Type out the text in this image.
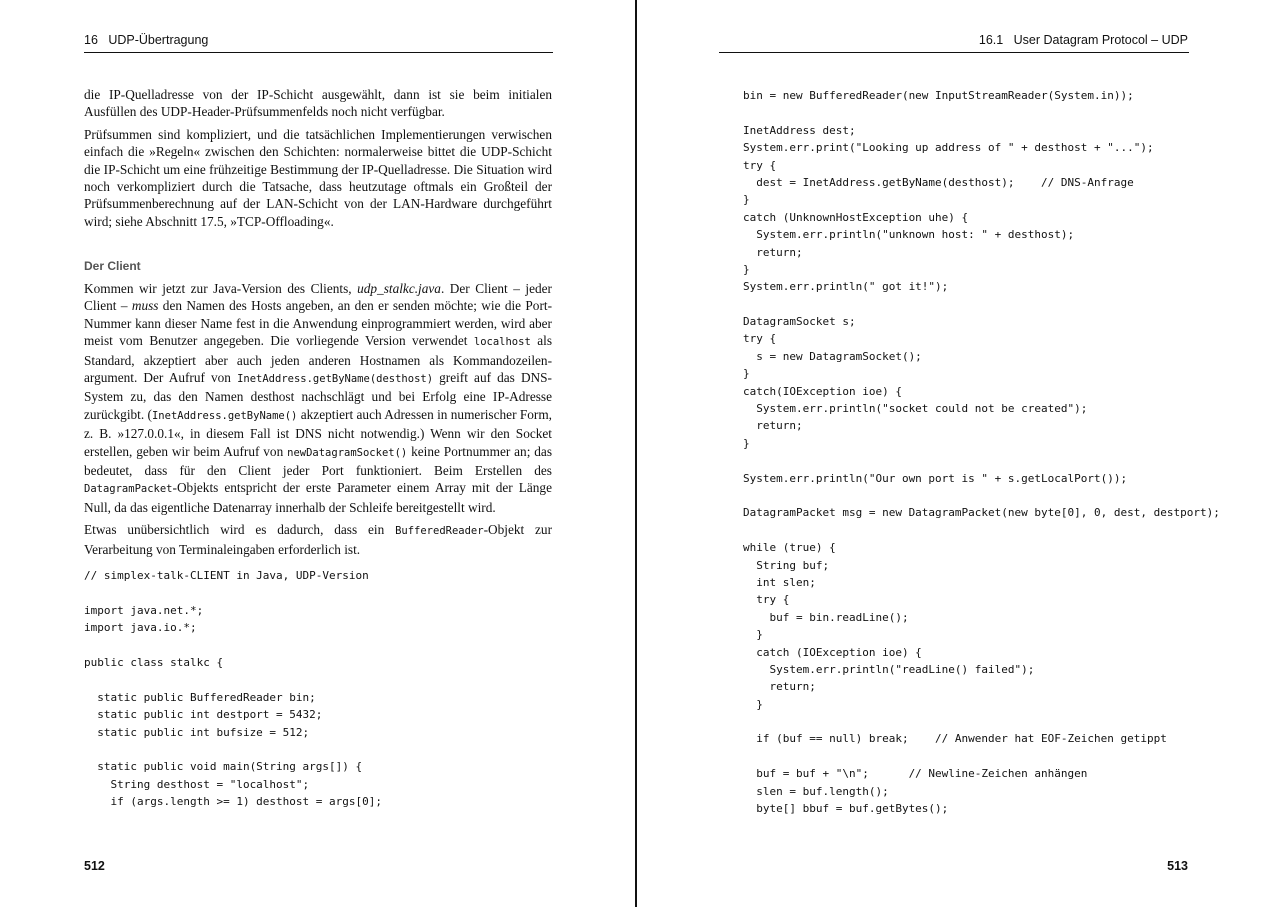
16   UDP-Übertragung

die IP-Quelladresse von der IP-Schicht ausgewählt, dann ist sie beim initialen Ausfüllen des UDP-Header-Prüfsummenfelds noch nicht verfügbar.

Prüfsummen sind kompliziert, und die tatsächlichen Implementierungen verwischen einfach die »Regeln« zwischen den Schichten: normalerweise bittet die UDP-Schicht die IP-Schicht um eine frühzeitige Bestimmung der IP-Quelladresse. Die Situation wird noch verkompliziert durch die Tatsache, dass heutzutage oftmals ein Großteil der Prüfsummenberechnung auf der LAN-Schicht von der LAN-Hardware durchgeführt wird; siehe Abschnitt 17.5, »TCP-Offloading«.

Der Client

Kommen wir jetzt zur Java-Version des Clients, udp_stalkc.java. Der Client – jeder Client – muss den Namen des Hosts angeben, an den er senden möchte; wie die Port-Nummer kann dieser Name fest in die Anwendung einprogrammiert werden, wird aber meist vom Benutzer angegeben. Die vorliegende Version verwendet localhost als Standard, akzeptiert aber auch jeden anderen Hostnamen als Kommandozeilen-argument. Der Aufruf von InetAddress.getByName(desthost) greift auf das DNS-System zu, das den Namen desthost nachschlägt und bei Erfolg eine IP-Adresse zurückgibt. (InetAddress.getByName() akzeptiert auch Adressen in numerischer Form, z. B. »127.0.0.1«, in diesem Fall ist DNS nicht notwendig.) Wenn wir den Socket erstellen, geben wir beim Aufruf von newDatagramSocket() keine Portnummer an; das bedeutet, dass für den Client jeder Port funktioniert. Beim Erstellen des DatagramPacket-Objekts entspricht der erste Parameter einem Array mit der Länge Null, da das eigentliche Datenarray innerhalb der Schleife bereitgestellt wird.

Etwas unübersichtlich wird es dadurch, dass ein BufferedReader-Objekt zur Verarbeitung von Terminaleingaben erforderlich ist.

// simplex-talk-CLIENT in Java, UDP-Version
import java.net.*;
import java.io.*;
public class stalkc {
static public BufferedReader bin;
static public int destport = 5432;
static public int bufsize = 512;
static public void main(String args[]) {
String desthost = "localhost";
if (args.length >= 1) desthost = args[0];
512
16.1   User Datagram Protocol – UDP
bin = new BufferedReader(new InputStreamReader(System.in));
InetAddress dest;
System.err.print("Looking up address of " + desthost + "...");
try {
dest = InetAddress.getByName(desthost);    // DNS-Anfrage
}
catch (UnknownHostException uhe) {
System.err.println("unknown host: " + desthost);
return;
}
System.err.println(" got it!");
DatagramSocket s;
try {
s = new DatagramSocket();
}
catch(IOException ioe) {
System.err.println("socket could not be created");
return;
}
System.err.println("Our own port is " + s.getLocalPort());
DatagramPacket msg = new DatagramPacket(new byte[0], 0, dest, destport);
while (true) {
String buf;
int slen;
try {
buf = bin.readLine();
}
catch (IOException ioe) {
System.err.println("readLine() failed");
return;
}
if (buf == null) break;    // Anwender hat EOF-Zeichen getippt
buf = buf + "\n";      // Newline-Zeichen anhängen
slen = buf.length();
byte[] bbuf = buf.getBytes();
513
